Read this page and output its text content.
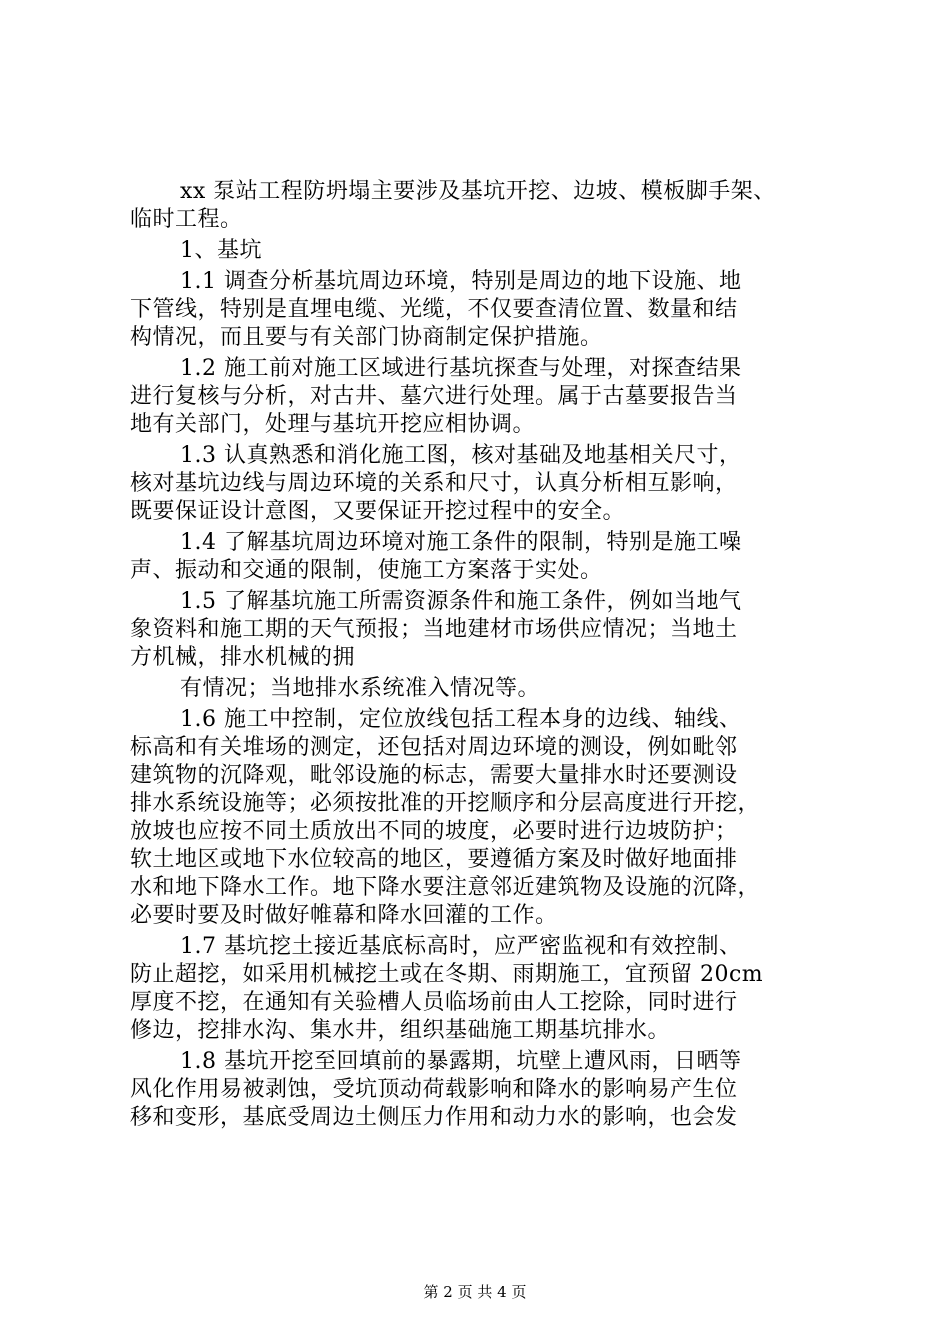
xx 泵站工程防坍塌主要涉及基坑开挖、边坡、模板脚手架、
临时工程。
1、基坑
1.1 调查分析基坑周边环境，特别是周边的地下设施、地
下管线，特别是直埋电缆、光缆，不仅要查清位置、数量和结
构情况，而且要与有关部门协商制定保护措施。
1.2 施工前对施工区域进行基坑探查与处理，对探查结果
进行复核与分析，对古井、墓穴进行处理。属于古墓要报告当
地有关部门，处理与基坑开挖应相协调。
1.3 认真熟悉和消化施工图，核对基础及地基相关尺寸，
核对基坑边线与周边环境的关系和尺寸，认真分析相互影响，
既要保证设计意图，又要保证开挖过程中的安全。
1.4 了解基坑周边环境对施工条件的限制，特别是施工噪
声、振动和交通的限制，使施工方案落于实处。
1.5 了解基坑施工所需资源条件和施工条件，例如当地气
象资料和施工期的天气预报；当地建材市场供应情况；当地土
方机械，排水机械的拥
有情况；当地排水系统准入情况等。
1.6 施工中控制，定位放线包括工程本身的边线、轴线、
标高和有关堆场的测定，还包括对周边环境的测设，例如毗邻
建筑物的沉降观，毗邻设施的标志，需要大量排水时还要测设
排水系统设施等；必须按批准的开挖顺序和分层高度进行开挖，
放坡也应按不同土质放出不同的坡度，必要时进行边坡防护；
软土地区或地下水位较高的地区，要遵循方案及时做好地面排
水和地下降水工作。地下降水要注意邻近建筑物及设施的沉降，
必要时要及时做好帷幕和降水回灌的工作。
1.7 基坑挖土接近基底标高时，应严密监视和有效控制、
防止超挖，如采用机械挖土或在冬期、雨期施工，宜预留 20cm
厚度不挖，在通知有关验槽人员临场前由人工挖除，同时进行
修边，挖排水沟、集水井，组织基础施工期基坑排水。
1.8 基坑开挖至回填前的暴露期，坑壁上遭风雨，日晒等
风化作用易被剥蚀，受坑顶动荷载影响和降水的影响易产生位
移和变形，基底受周边土侧压力作用和动力水的影响，也会发
第 2 页 共 4 页
